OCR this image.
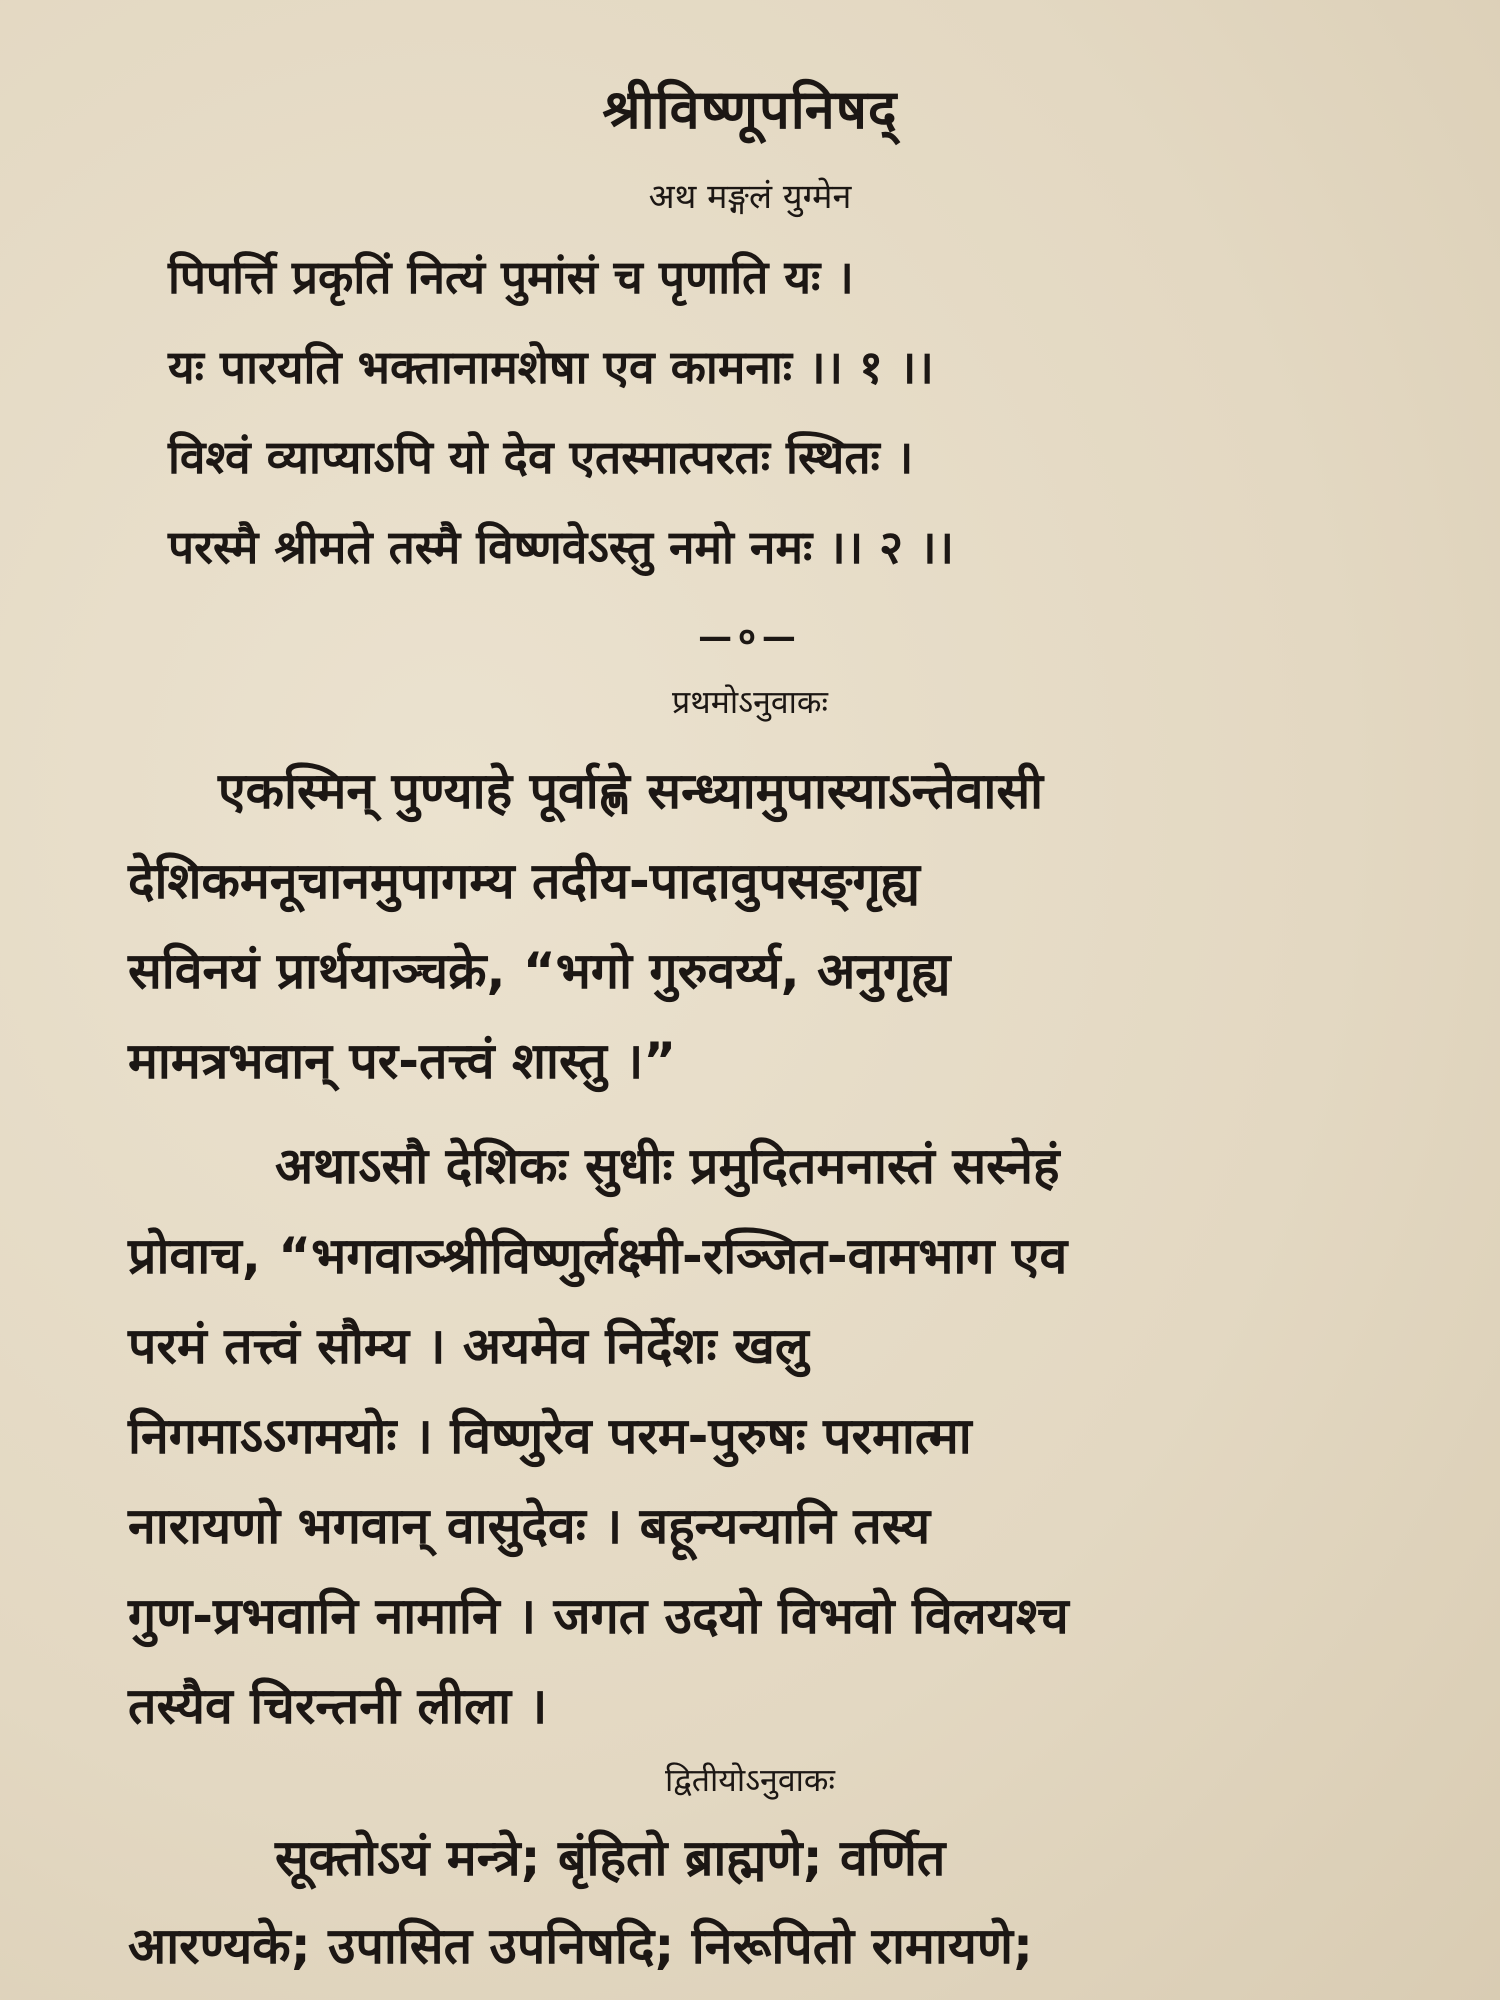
श्रीविष्णूपनिषद्
अथ मङ्गलं युग्मेन
पिपर्त्ति प्रकृतिं नित्यं पुमांसं च पृणाति यः ।
यः पारयति भक्तानामशेषा एव कामनाः ।। १ ।।
विश्वं व्याप्याऽपि यो देव एतस्मात्परतः स्थितः ।
परस्मै श्रीमते तस्मै विष्णवेऽस्तु नमो नमः ।। २ ।।
—०—
प्रथमोऽनुवाकः
एकस्मिन् पुण्याहे पूर्वाह्णे सन्ध्यामुपास्याऽन्तेवासी
देशिकमनूचानमुपागम्य तदीय-पादावुपसङ्गृह्य
सविनयं प्रार्थयाञ्चक्रे, “भगो गुरुवर्य्य, अनुगृह्य
मामत्रभवान् पर-तत्त्वं शास्तु ।”
अथाऽसौ देशिकः सुधीः प्रमुदितमनास्तं सस्नेहं
प्रोवाच, “भगवाञ्श्रीविष्णुर्लक्ष्मी-रञ्जित-वामभाग एव
परमं तत्त्वं सौम्य । अयमेव निर्देशः खलु
निगमाऽऽगमयोः । विष्णुरेव परम-पुरुषः परमात्मा
नारायणो भगवान् वासुदेवः । बहून्यन्यानि तस्य
गुण-प्रभवानि नामानि । जगत उदयो विभवो विलयश्च
तस्यैव चिरन्तनी लीला ।
द्वितीयोऽनुवाकः
सूक्तोऽयं मन्त्रे; बृंहितो ब्राह्मणे; वर्णित
आरण्यके; उपासित उपनिषदि; निरूपितो रामायणे;
